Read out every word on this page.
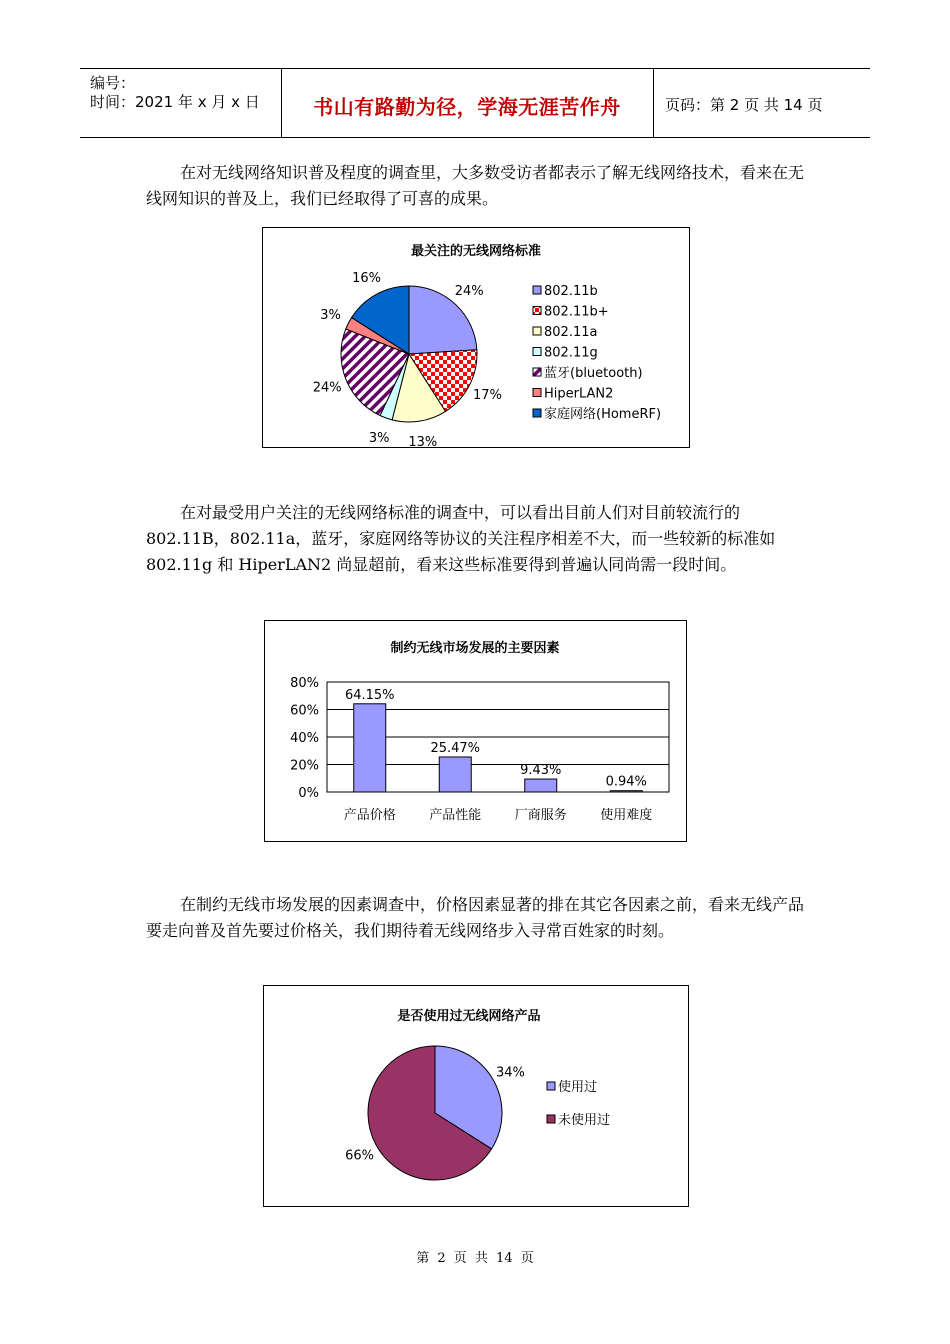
编号：
时间：2021 年 x 月 x 日	书山有路勤为径，学海无涯苦作舟	页码：第 2 页 共 14 页

在对无线网络知识普及程度的调查里，大多数受访者都表示了解无线网络技术，看来在无线网知识的普及上，我们已经取得了可喜的成果。

最关注的无线网络标准
24%
17%
13%
3%
24%
3%
16%
802.11b
802.11b+
802.11a
802.11g
蓝牙(bluetooth)
HiperLAN2
家庭网络(HomeRF)

在对最受用户关注的无线网络标准的调查中，可以看出目前人们对目前较流行的 802.11B，802.11a，蓝牙，家庭网络等协议的关注程序相差不大，而一些较新的标准如 802.11g 和 HiperLAN2 尚显超前，看来这些标准要得到普遍认同尚需一段时间。

制约无线市场发展的主要因素
0%
20%
40%
60%
80%
64.15%
产品价格
25.47%
产品性能
9.43%
厂商服务
0.94%
使用难度

在制约无线市场发展的因素调查中，价格因素显著的排在其它各因素之前，看来无线产品要走向普及首先要过价格关，我们期待着无线网络步入寻常百姓家的时刻。

是否使用过无线网络产品
34%
66%
使用过
未使用过
第 2 页 共 14 页
